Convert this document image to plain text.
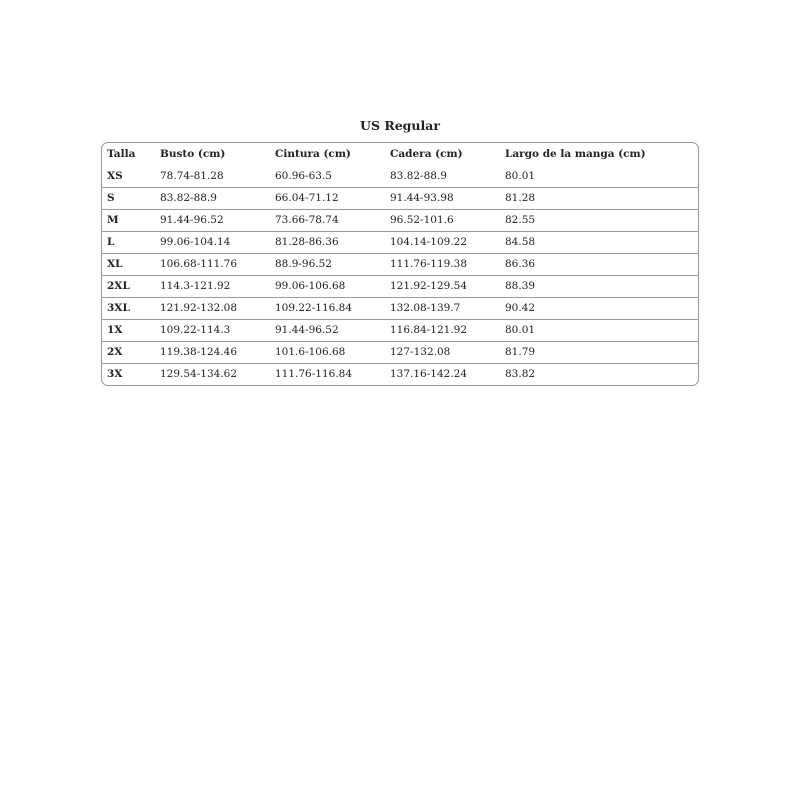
US Regular
Talla	Busto (cm)	Cintura (cm)	Cadera (cm)	Largo de la manga (cm)
XS	78.74-81.28	60.96-63.5	83.82-88.9	80.01
S	83.82-88.9	66.04-71.12	91.44-93.98	81.28
M	91.44-96.52	73.66-78.74	96.52-101.6	82.55
L	99.06-104.14	81.28-86.36	104.14-109.22	84.58
XL	106.68-111.76	88.9-96.52	111.76-119.38	86.36
2XL	114.3-121.92	99.06-106.68	121.92-129.54	88.39
3XL	121.92-132.08	109.22-116.84	132.08-139.7	90.42
1X	109.22-114.3	91.44-96.52	116.84-121.92	80.01
2X	119.38-124.46	101.6-106.68	127-132.08	81.79
3X	129.54-134.62	111.76-116.84	137.16-142.24	83.82
